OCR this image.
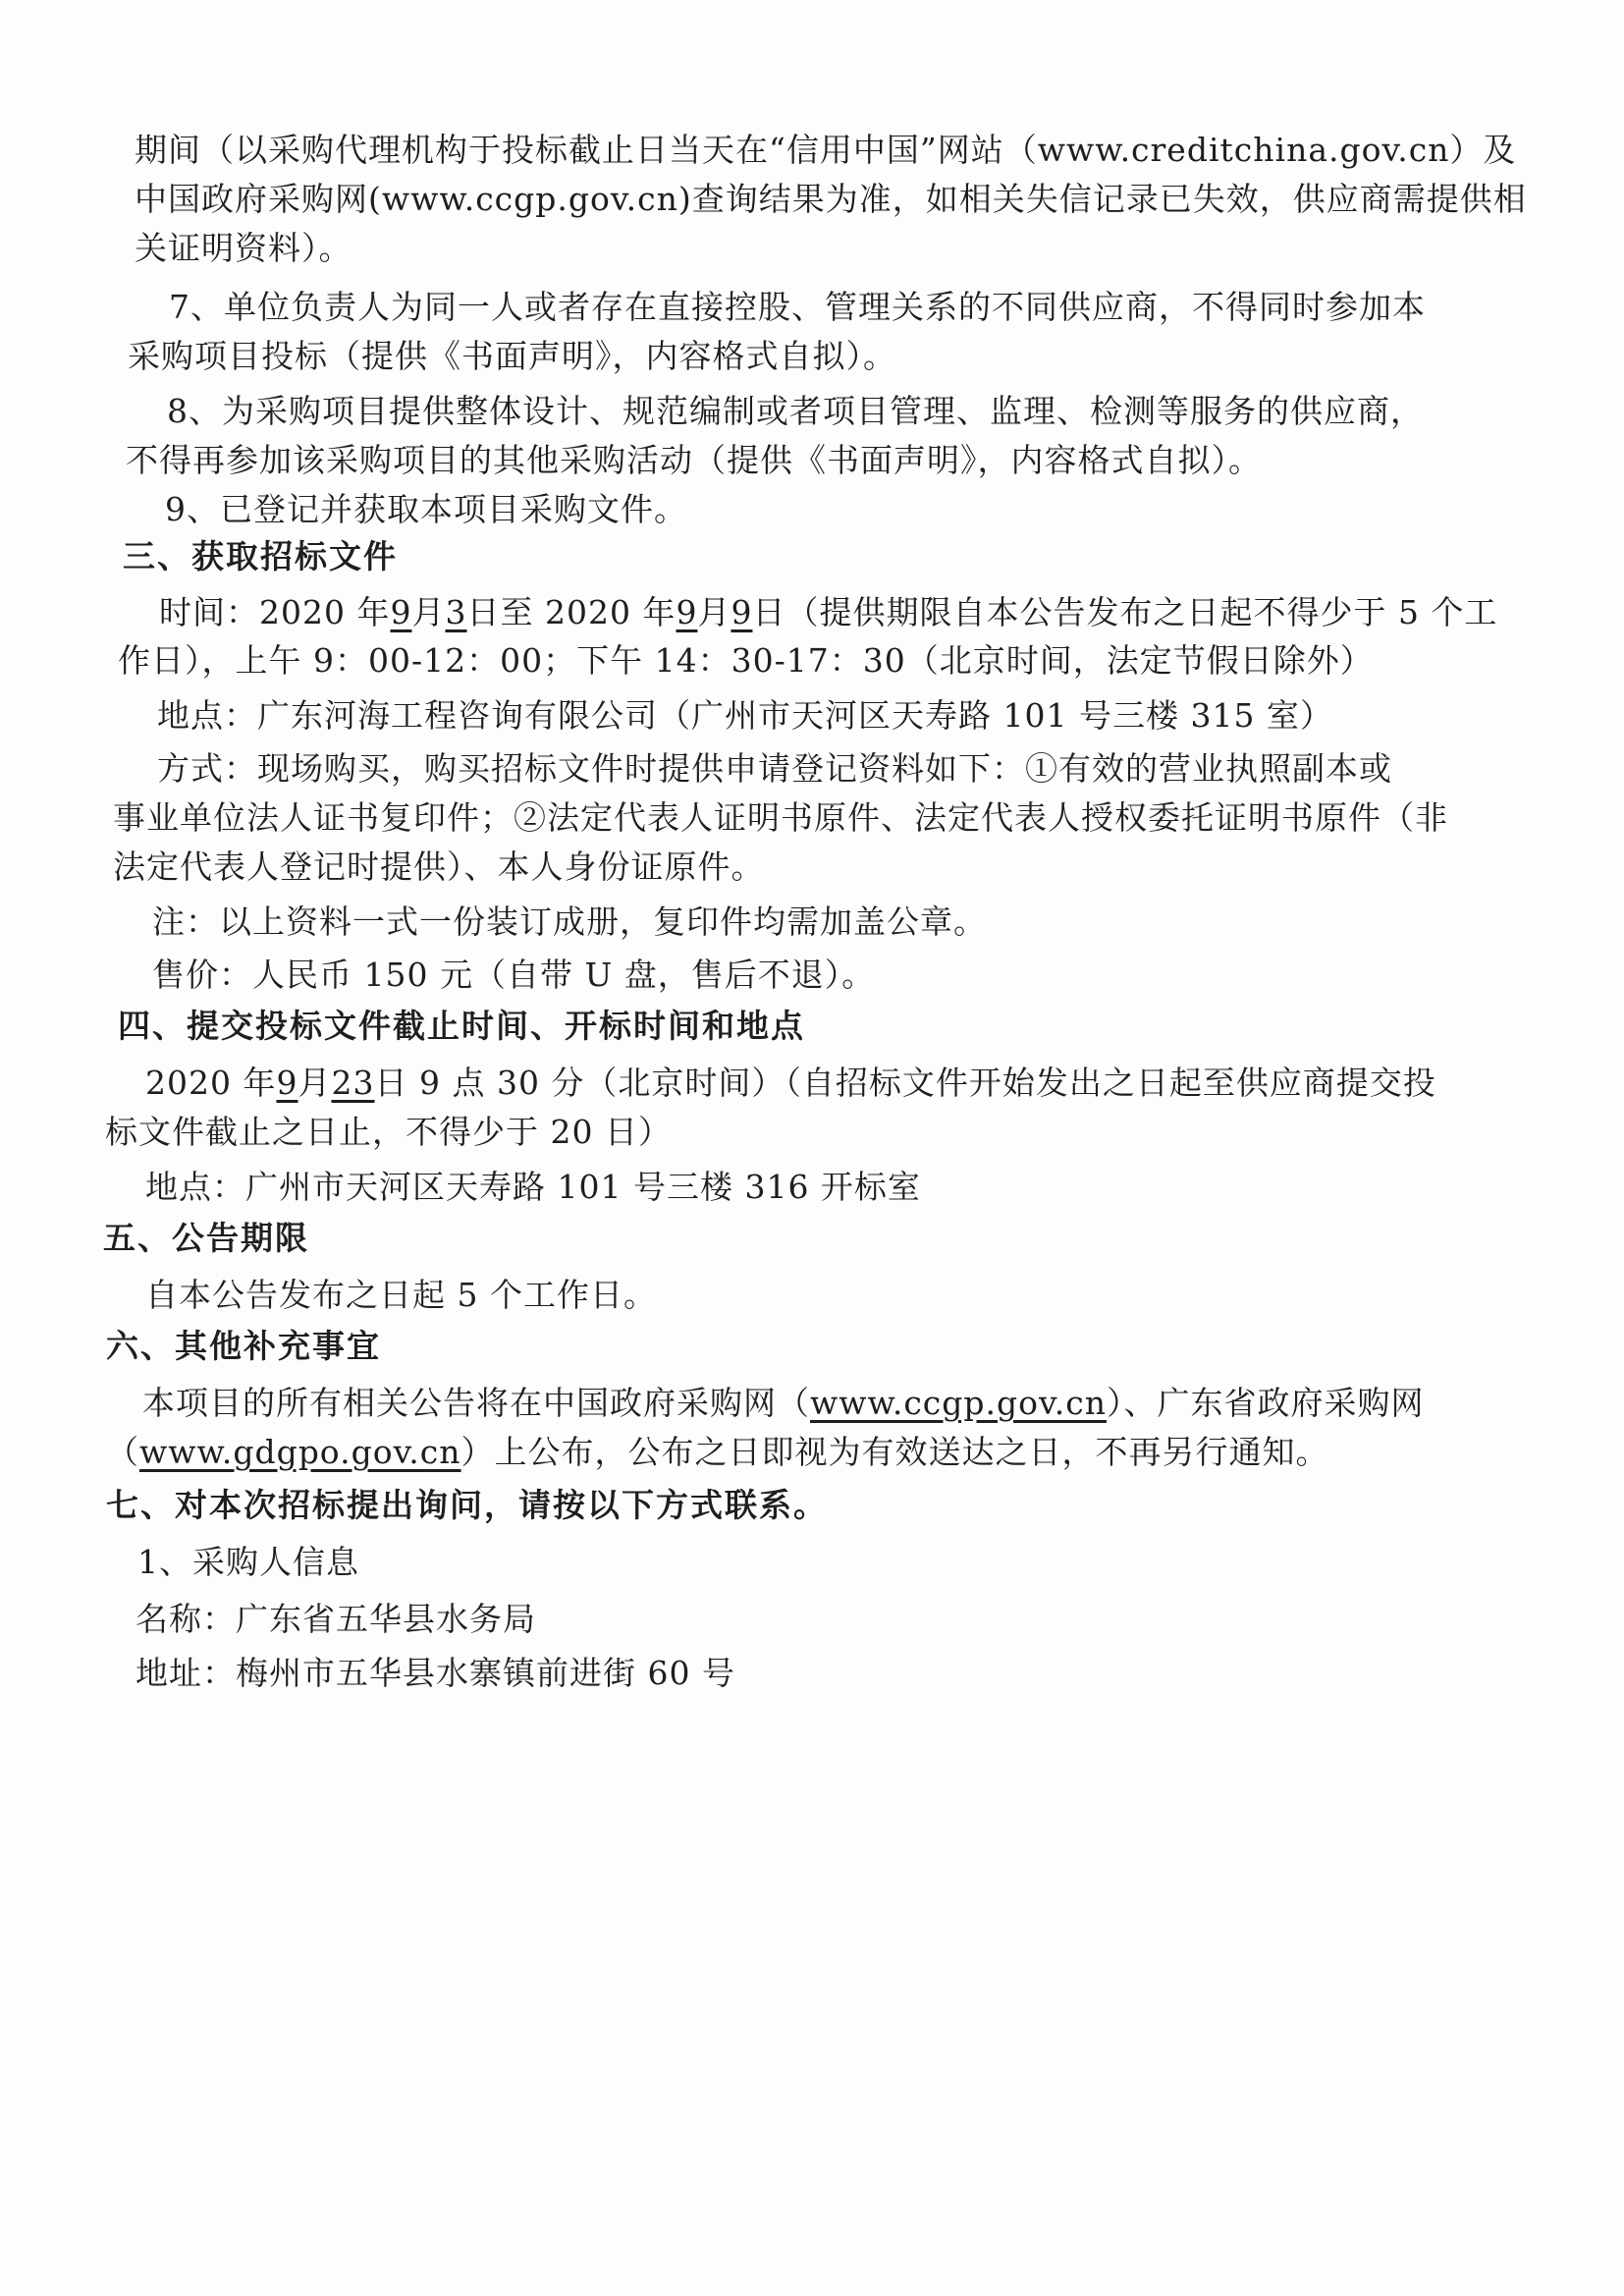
期间（以采购代理机构于投标截止日当天在“信用中国”网站（www.creditchina.gov.cn）及
中国政府采购网(www.ccgp.gov.cn)查询结果为准，如相关失信记录已失效，供应商需提供相
关证明资料）。
7、单位负责人为同一人或者存在直接控股、管理关系的不同供应商，不得同时参加本
采购项目投标（提供《书面声明》，内容格式自拟）。
8、为采购项目提供整体设计、规范编制或者项目管理、监理、检测等服务的供应商，
不得再参加该采购项目的其他采购活动（提供《书面声明》，内容格式自拟）。
9、已登记并获取本项目采购文件。
三、获取招标文件
时间：2020 年9月3日至 2020 年9月9日（提供期限自本公告发布之日起不得少于 5 个工
作日），上午 9：00-12：00；下午 14：30-17：30（北京时间，法定节假日除外）
地点：广东河海工程咨询有限公司（广州市天河区天寿路 101 号三楼 315 室）
方式：现场购买，购买招标文件时提供申请登记资料如下：①有效的营业执照副本或
事业单位法人证书复印件；②法定代表人证明书原件、法定代表人授权委托证明书原件（非
法定代表人登记时提供）、本人身份证原件。
注：以上资料一式一份装订成册，复印件均需加盖公章。
售价：人民币 150 元（自带 U 盘，售后不退）。
四、提交投标文件截止时间、开标时间和地点
2020 年9月23日 9 点 30 分（北京时间）（自招标文件开始发出之日起至供应商提交投
标文件截止之日止，不得少于 20 日）
地点：广州市天河区天寿路 101 号三楼 316 开标室
五、公告期限
自本公告发布之日起 5 个工作日。
六、其他补充事宜
本项目的所有相关公告将在中国政府采购网（www.ccgp.gov.cn）、广东省政府采购网
（www.gdgpo.gov.cn）上公布，公布之日即视为有效送达之日，不再另行通知。
七、对本次招标提出询问，请按以下方式联系。
1、采购人信息
名称：广东省五华县水务局
地址：梅州市五华县水寨镇前进街 60 号
